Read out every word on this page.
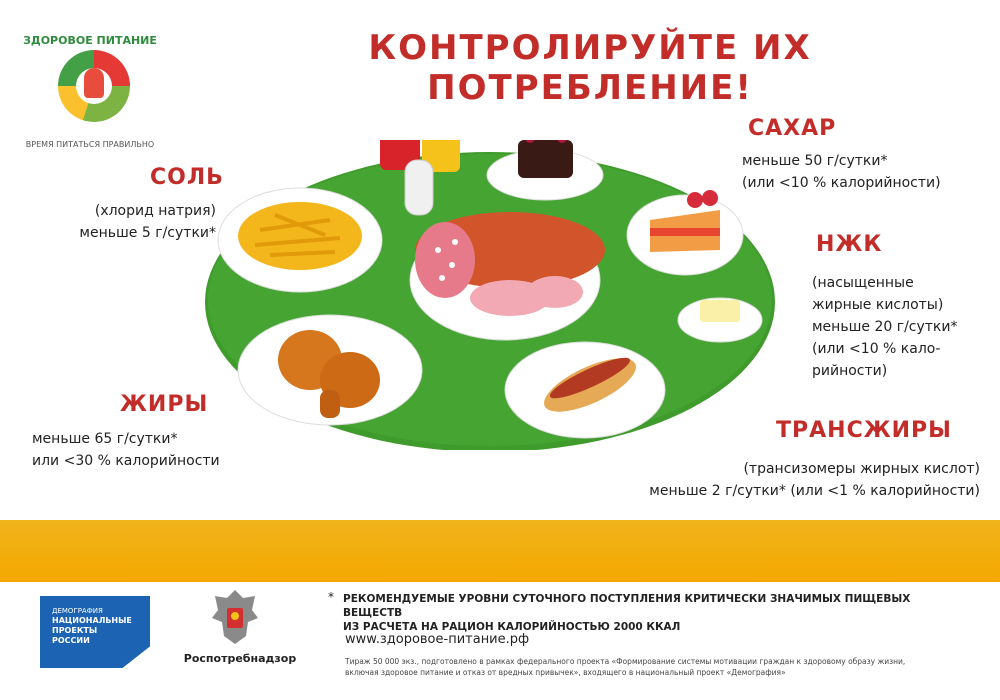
ЗДОРОВОЕ ПИТАНИЕ
ВРЕМЯ ПИТАТЬСЯ ПРАВИЛЬНО
КОНТРОЛИРУЙТЕ ИХ ПОТРЕБЛЕНИЕ!
СОЛЬ
(хлорид натрия)
меньше 5 г/сутки*
ЖИРЫ
меньше 65 г/сутки*
или <30 % калорийности
САХАР
меньше 50 г/сутки*
(или <10 % калорийности)
НЖК
(насыщенные
жирные кислоты)
меньше 20 г/сутки*
(или <10 % кало-
рийности)
ТРАНСЖИРЫ
(трансизомеры жирных кислот)
меньше 2 г/сутки* (или <1 % калорийности)
ДЕМОГРАФИЯ
НАЦИОНАЛЬНЫЕ
ПРОЕКТЫ
РОССИИ
Роспотребнадзор
* РЕКОМЕНДУЕМЫЕ УРОВНИ СУТОЧНОГО ПОСТУПЛЕНИЯ КРИТИЧЕСКИ ЗНАЧИМЫХ ПИЩЕВЫХ ВЕЩЕСТВ
ИЗ РАСЧЕТА НА РАЦИОН КАЛОРИЙНОСТЬЮ 2000 ККАЛ
www.здоровое-питание.рф
Тираж 50 000 экз., подготовлено в рамках федерального проекта «Формирование системы мотивации граждан к здоровому образу жизни,
включая здоровое питание и отказ от вредных привычек», входящего в национальный проект «Демография»
